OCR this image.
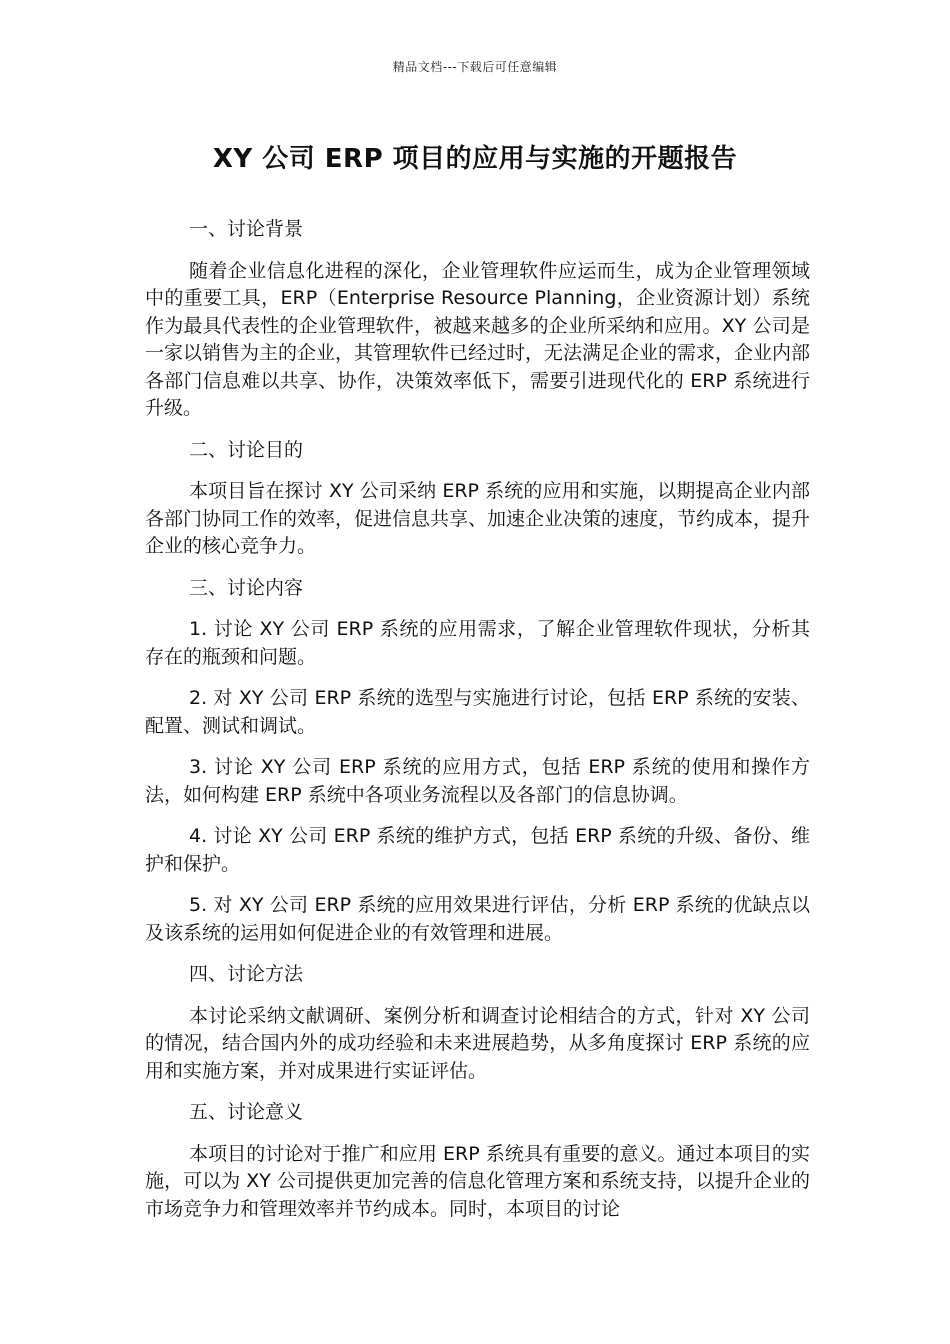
精品文档---下载后可任意编辑
XY 公司 ERP 项目的应用与实施的开题报告

一、讨论背景

随着企业信息化进程的深化，企业管理软件应运而生，成为企业管理领域中的重要工具，ERP（Enterprise Resource Planning，企业资源计划）系统作为最具代表性的企业管理软件，被越来越多的企业所采纳和应用。XY 公司是一家以销售为主的企业，其管理软件已经过时，无法满足企业的需求，企业内部各部门信息难以共享、协作，决策效率低下，需要引进现代化的 ERP 系统进行升级。

二、讨论目的

本项目旨在探讨 XY 公司采纳 ERP 系统的应用和实施，以期提高企业内部各部门协同工作的效率，促进信息共享、加速企业决策的速度，节约成本，提升企业的核心竞争力。

三、讨论内容

1. 讨论 XY 公司 ERP 系统的应用需求，了解企业管理软件现状，分析其存在的瓶颈和问题。

2. 对 XY 公司 ERP 系统的选型与实施进行讨论，包括 ERP 系统的安装、配置、测试和调试。

3. 讨论 XY 公司 ERP 系统的应用方式，包括 ERP 系统的使用和操作方法，如何构建 ERP 系统中各项业务流程以及各部门的信息协调。

4. 讨论 XY 公司 ERP 系统的维护方式，包括 ERP 系统的升级、备份、维护和保护。

5. 对 XY 公司 ERP 系统的应用效果进行评估，分析 ERP 系统的优缺点以及该系统的运用如何促进企业的有效管理和进展。

四、讨论方法

本讨论采纳文献调研、案例分析和调查讨论相结合的方式，针对 XY 公司的情况，结合国内外的成功经验和未来进展趋势，从多角度探讨 ERP 系统的应用和实施方案，并对成果进行实证评估。

五、讨论意义

本项目的讨论对于推广和应用 ERP 系统具有重要的意义。通过本项目的实施，可以为 XY 公司提供更加完善的信息化管理方案和系统支持，以提升企业的市场竞争力和管理效率并节约成本。同时，本项目的讨论
